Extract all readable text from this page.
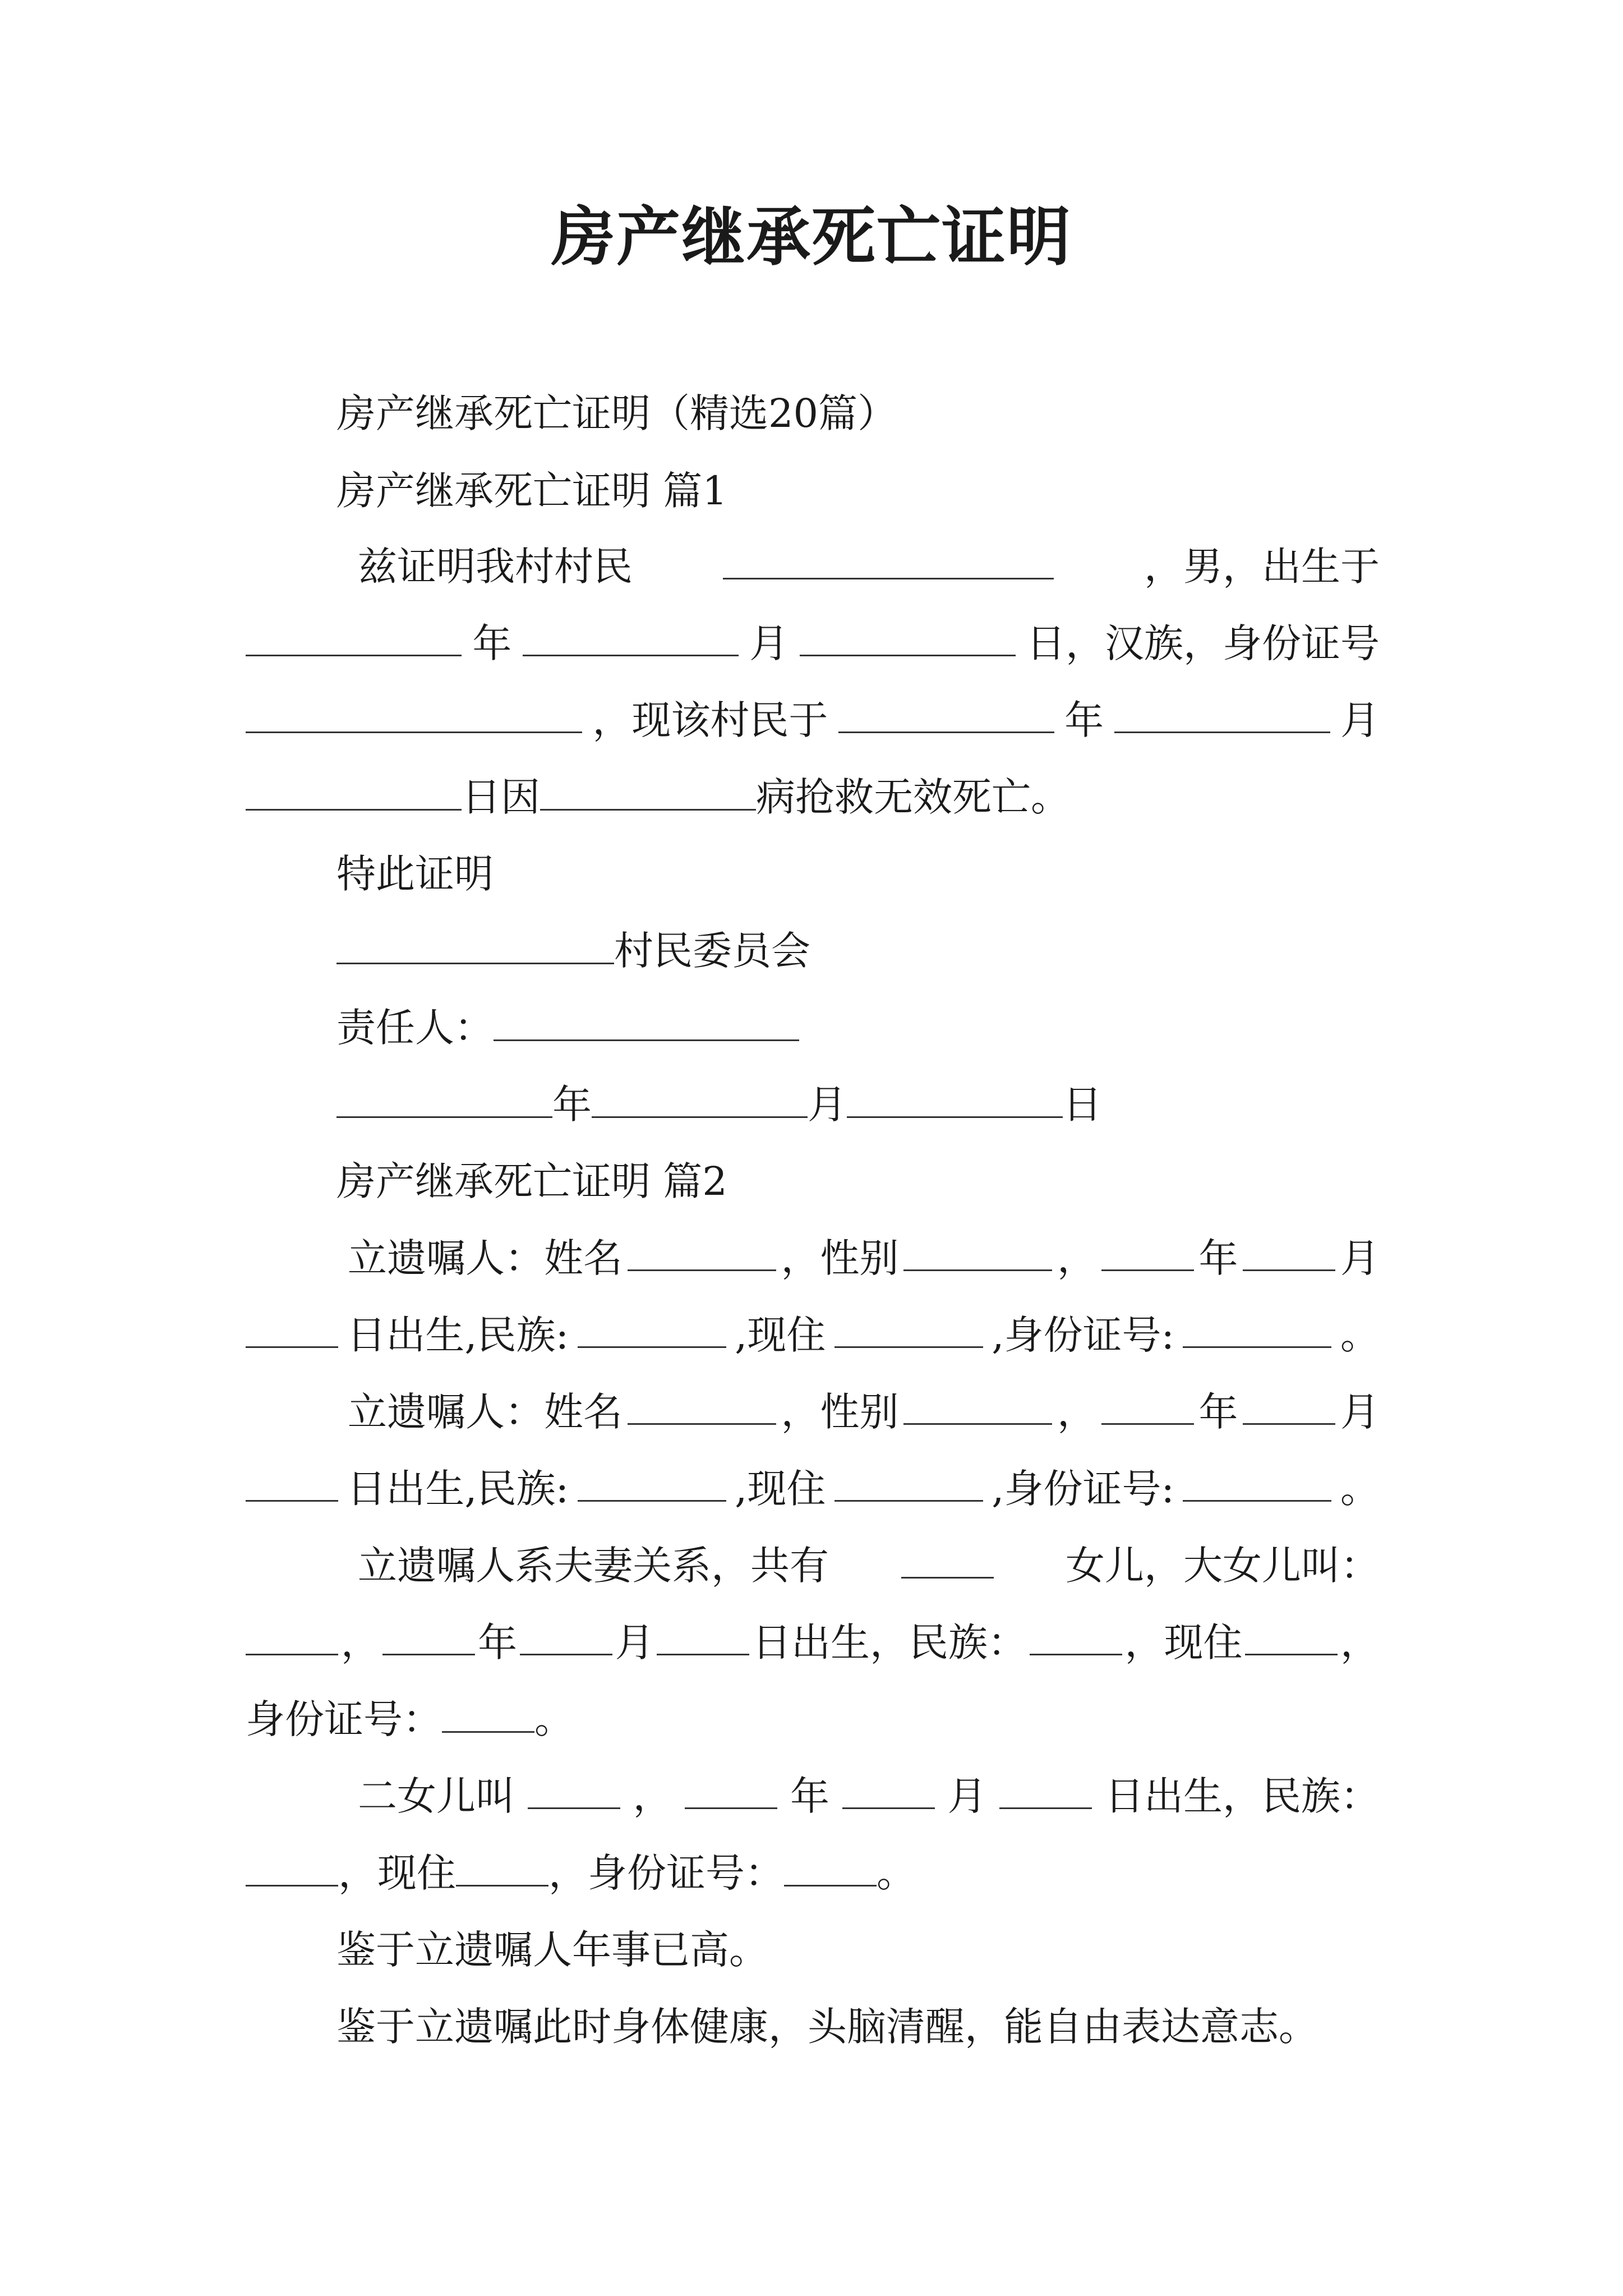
房产继承死亡证明
房产继承死亡证明（精选20篇）
房产继承死亡证明 篇1
兹证明我村村民	，男，出生于
年	月	日，汉族，身份证号
，现该村民于	年	月
日因	病抢救无效死亡。
特此证明
村民委员会
责任人：
年	月	日
房产继承死亡证明 篇2
立遗嘱人：姓名	，性别	，	年	月
日出生,民族:	,现住	,身份证号:	。
立遗嘱人：姓名	，性别	，	年	月
日出生,民族:	,现住	,身份证号:	。
立遗嘱人系夫妻关系，共有	女儿，大女儿叫：
， 年 月 日出生，民族： ，现住 ，
身份证号： 。
二女儿叫	，	年	月	日出生，民族：
，现住 ，身份证号： 。
鉴于立遗嘱人年事已高。
鉴于立遗嘱此时身体健康，头脑清醒，能自由表达意志。
